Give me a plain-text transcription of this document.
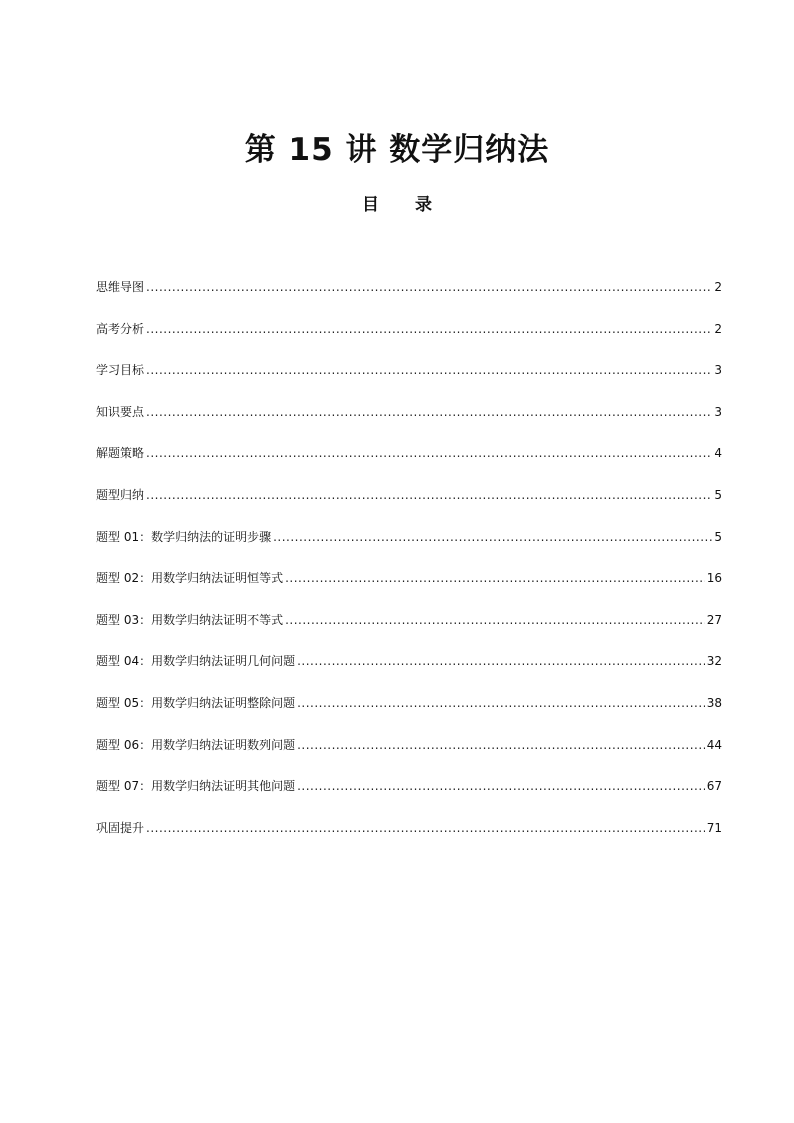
第 15 讲 数学归纳法
目 录
思维导图 .....	2
高考分析 .....	2
学习目标 .....	3
知识要点 .....	3
解题策略 .....	4
题型归纳 .....	5
题型 01：数学归纳法的证明步骤 .....	5
题型 02：用数学归纳法证明恒等式 .....	16
题型 03：用数学归纳法证明不等式 .....	27
题型 04：用数学归纳法证明几何问题 .....	32
题型 05：用数学归纳法证明整除问题 .....	38
题型 06：用数学归纳法证明数列问题 .....	44
题型 07：用数学归纳法证明其他问题 .....	67
巩固提升 .....	71
